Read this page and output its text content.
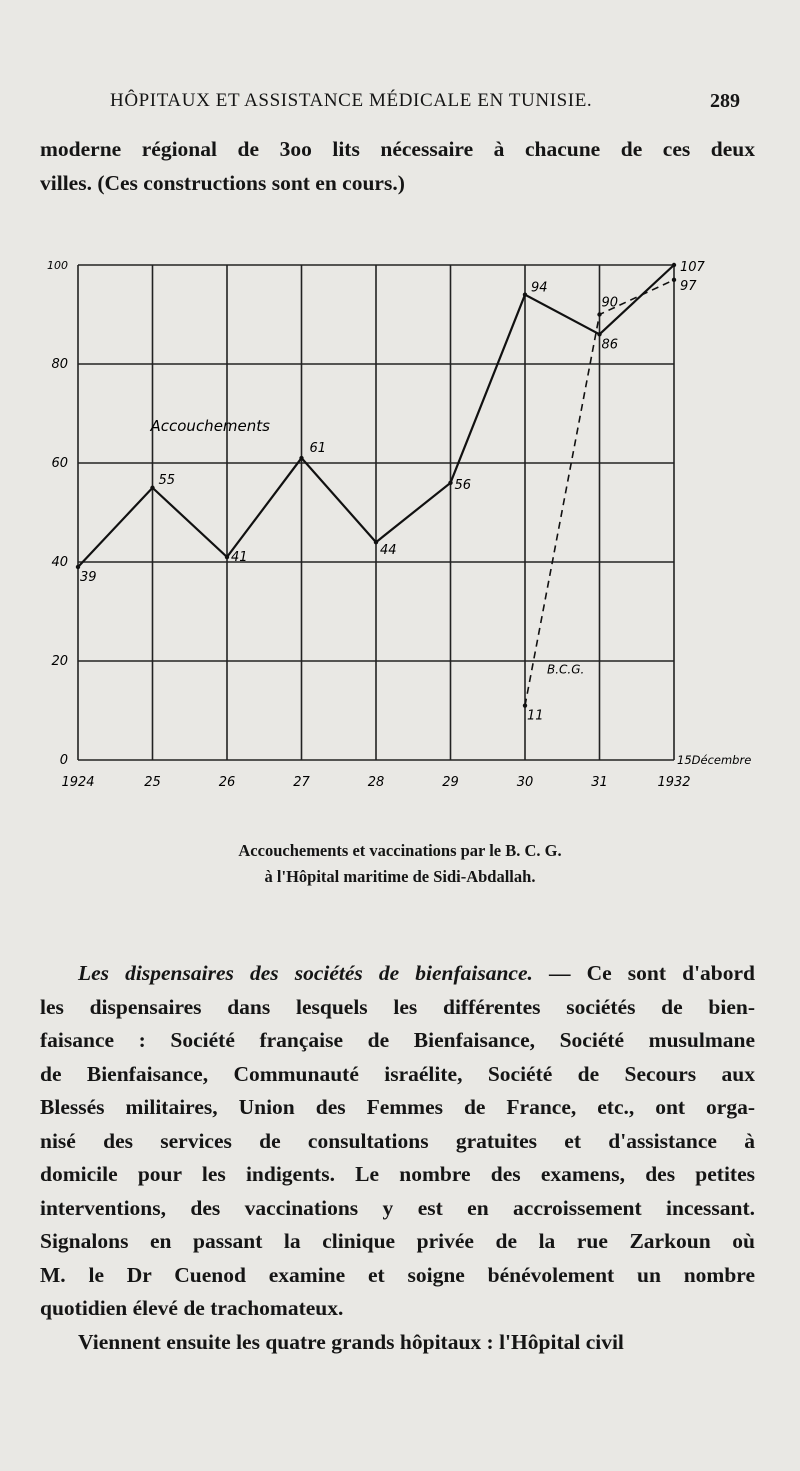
HÔPITAUX ET ASSISTANCE MÉDICALE EN TUNISIE.	289
moderne régional de 3oo lits nécessaire à chacune de ces deux
villes. (Ces constructions sont en cours.)
0
20
40
60
80
100
1924	25	26	27	28	29	30	31	1932
15Décembre
39
55
41
61
44
56
94
86
107
11
90
97
Accouchements
B.C.G.
Accouchements et vaccinations par le B. C. G.
à l'Hôpital maritime de Sidi-Abdallah.
Les dispensaires des sociétés de bienfaisance. — Ce sont d'abord
les dispensaires dans lesquels les différentes sociétés de bien-
faisance : Société française de Bienfaisance, Société musulmane
de Bienfaisance, Communauté israélite, Société de Secours aux
Blessés militaires, Union des Femmes de France, etc., ont orga-
nisé des services de consultations gratuites et d'assistance à
domicile pour les indigents. Le nombre des examens, des petites
interventions, des vaccinations y est en accroissement incessant.
Signalons en passant la clinique privée de la rue Zarkoun où
M. le Dr Cuenod examine et soigne bénévolement un nombre
quotidien élevé de trachomateux.
Viennent ensuite les quatre grands hôpitaux : l'Hôpital civil
